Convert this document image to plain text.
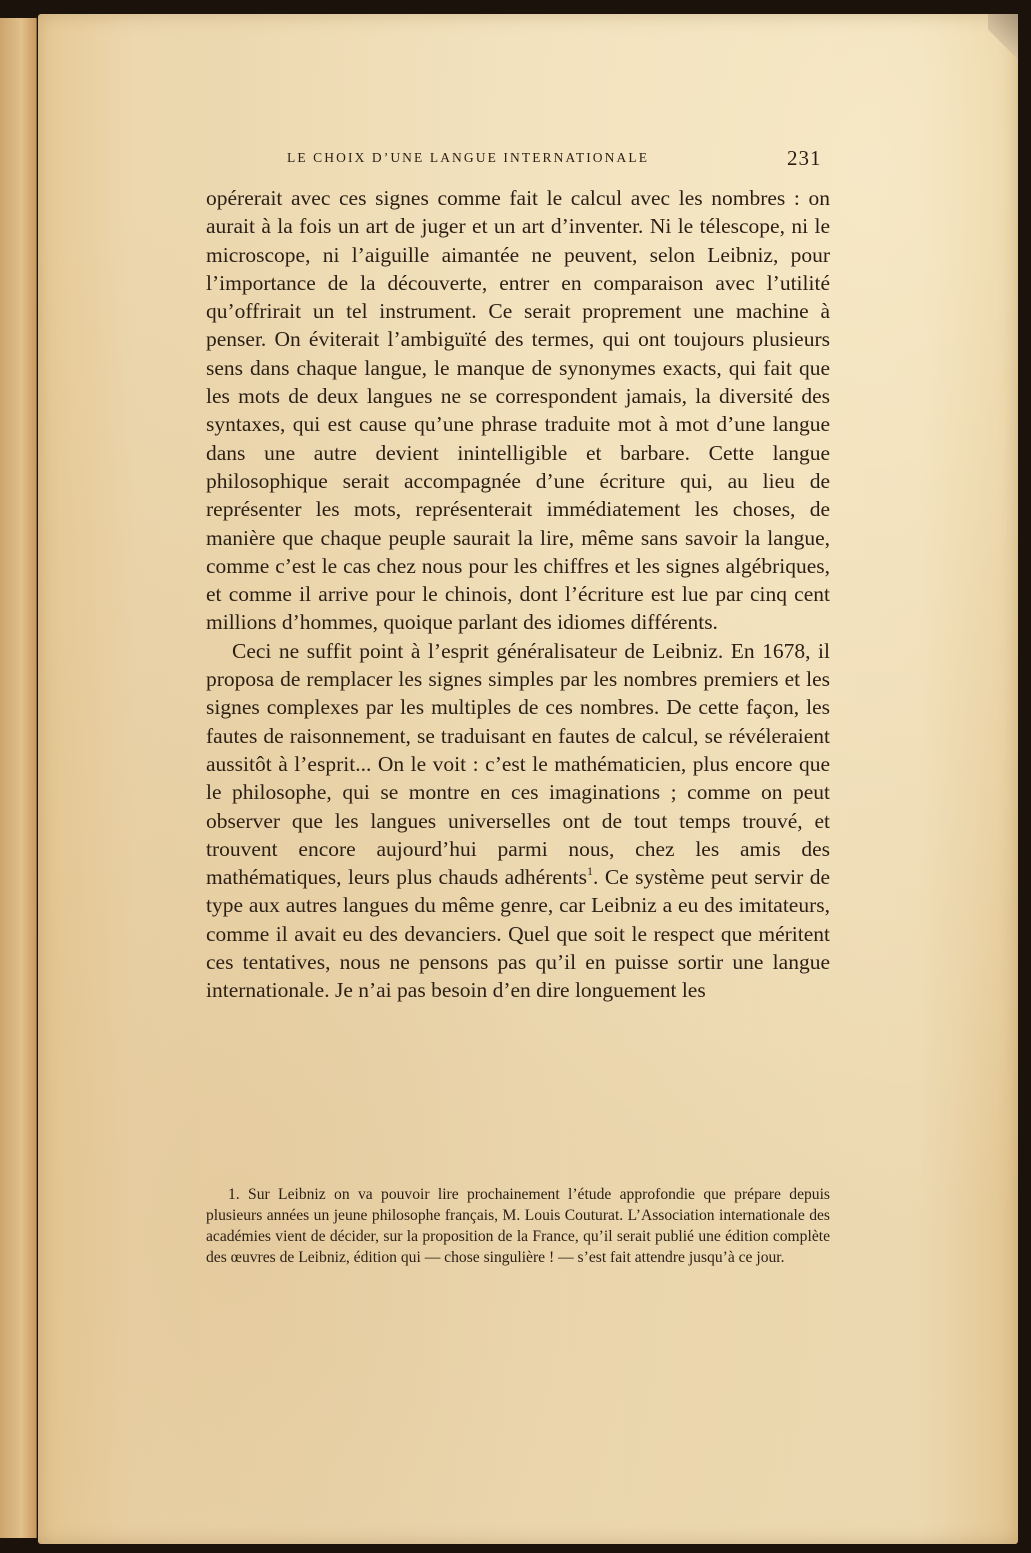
LE CHOIX D’UNE LANGUE INTERNATIONALE	231

opérerait avec ces signes comme fait le calcul avec les nombres : on aurait à la fois un art de juger et un art d’inventer. Ni le télescope, ni le microscope, ni l’aiguille aimantée ne peuvent, selon Leibniz, pour l’importance de la découverte, entrer en comparaison avec l’utilité qu’offrirait un tel instrument. Ce serait proprement une machine à penser. On éviterait l’ambiguïté des termes, qui ont toujours plusieurs sens dans chaque langue, le manque de synonymes exacts, qui fait que les mots de deux langues ne se correspondent jamais, la diversité des syntaxes, qui est cause qu’une phrase traduite mot à mot d’une langue dans une autre devient inintelligible et barbare. Cette langue philosophique serait accompagnée d’une écriture qui, au lieu de représenter les mots, représenterait immédiatement les choses, de manière que chaque peuple saurait la lire, même sans savoir la langue, comme c’est le cas chez nous pour les chiffres et les signes algébriques, et comme il arrive pour le chinois, dont l’écriture est lue par cinq cent millions d’hommes, quoique parlant des idiomes différents.

Ceci ne suffit point à l’esprit généralisateur de Leibniz. En 1678, il proposa de remplacer les signes simples par les nombres premiers et les signes complexes par les multiples de ces nombres. De cette façon, les fautes de raisonnement, se traduisant en fautes de calcul, se révéleraient aussitôt à l’esprit... On le voit : c’est le mathématicien, plus encore que le philosophe, qui se montre en ces imaginations ; comme on peut observer que les langues universelles ont de tout temps trouvé, et trouvent encore aujourd’hui parmi nous, chez les amis des mathématiques, leurs plus chauds adhérents$^1$. Ce système peut servir de type aux autres langues du même genre, car Leibniz a eu des imitateurs, comme il avait eu des devanciers. Quel que soit le respect que méritent ces tentatives, nous ne pensons pas qu’il en puisse sortir une langue internationale. Je n’ai pas besoin d’en dire longuement les

1. Sur Leibniz on va pouvoir lire prochainement l’étude approfondie que prépare depuis plusieurs années un jeune philosophe français, M. Louis Couturat. L’Association internationale des académies vient de décider, sur la proposition de la France, qu’il serait publié une édition complète des œuvres de Leibniz, édition qui — chose singulière ! — s’est fait attendre jusqu’à ce jour.
